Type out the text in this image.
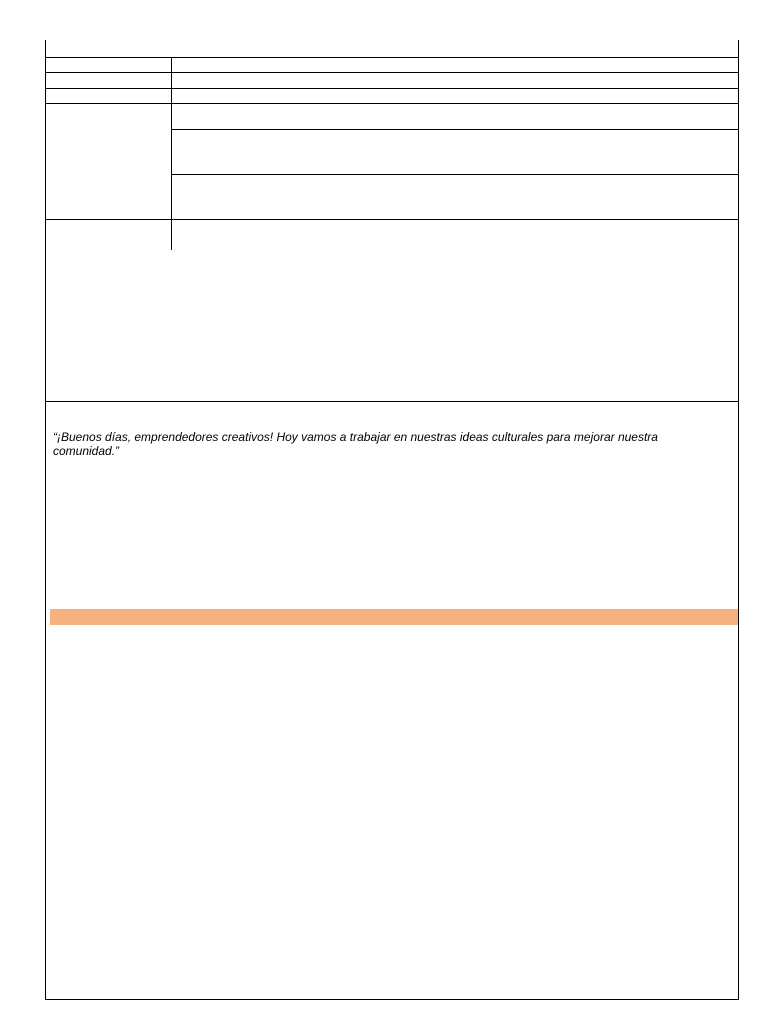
“¡Buenos días, emprendedores creativos! Hoy vamos a trabajar en nuestras ideas culturales para mejorar nuestra comunidad.”
